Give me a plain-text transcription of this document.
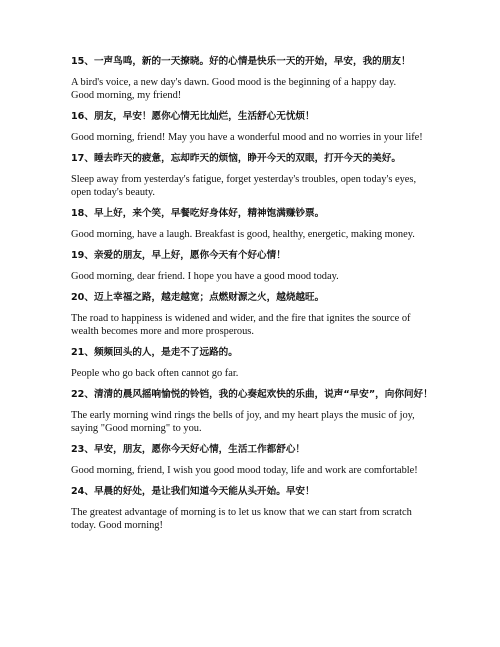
15、一声鸟鸣，新的一天撩晓。好的心情是快乐一天的开始，早安，我的朋友！

A bird's voice, a new day's dawn. Good mood is the beginning of a happy day. Good morning, my friend!

16、朋友，早安！愿你心情无比灿烂，生活舒心无忧烦！

Good morning, friend! May you have a wonderful mood and no worries in your life!

17、睡去昨天的疲惫，忘却昨天的烦恼，睁开今天的双眼，打开今天的美好。

Sleep away from yesterday's fatigue, forget yesterday's troubles, open today's eyes, open today's beauty.

18、早上好，来个笑，早餐吃好身体好，精神饱满赚钞票。

Good morning, have a laugh. Breakfast is good, healthy, energetic, making money.

19、亲爱的朋友，早上好，愿你今天有个好心情！

Good morning, dear friend. I hope you have a good mood today.

20、迈上幸福之路，越走越宽；点燃财源之火，越烧越旺。

The road to happiness is widened and wider, and the fire that ignites the source of wealth becomes more and more prosperous.

21、频频回头的人，是走不了远路的。

People who go back often cannot go far.

22、清清的晨风摇响愉悦的铃铛，我的心奏起欢快的乐曲，说声“早安”，向你问好！

The early morning wind rings the bells of joy, and my heart plays the music of joy, saying "Good morning" to you.

23、早安，朋友，愿你今天好心情，生活工作都舒心！

Good morning, friend, I wish you good mood today, life and work are comfortable!

24、早晨的好处，是让我们知道今天能从头开始。早安！

The greatest advantage of morning is to let us know that we can start from scratch today. Good morning!
